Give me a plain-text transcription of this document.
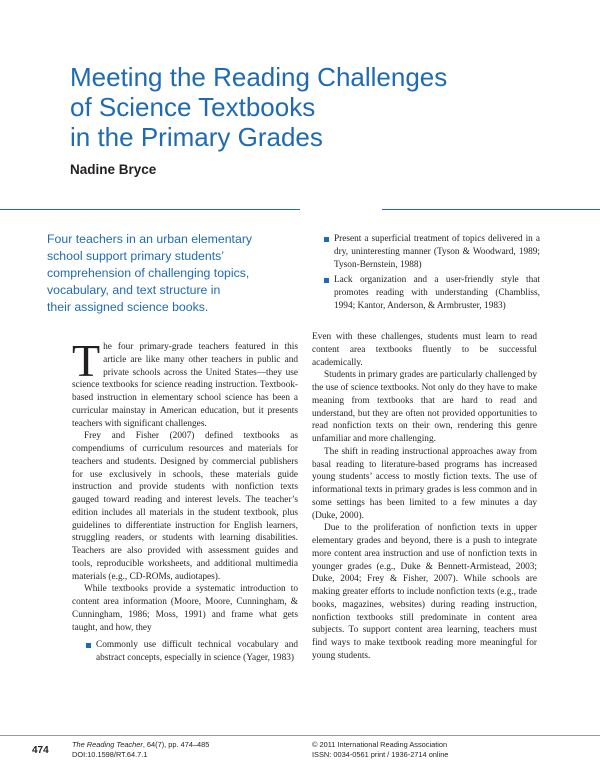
Meeting the Reading Challenges
of Science Textbooks
in the Primary Grades
Nadine Bryce
Four teachers in an urban elementary
school support primary students’
comprehension of challenging topics,
vocabulary, and text structure in
their assigned science books.
Present a superficial treatment of topics delivered in a dry, uninteresting manner (Tyson & Woodward, 1989; Tyson-Bernstein, 1988)
Lack organization and a user-friendly style that promotes reading with understanding (Chambliss, 1994; Kantor, Anderson, & Armbruster, 1983)

The four primary-grade teachers featured in this article are like many other teachers in public and private schools across the United States—they use science textbooks for science reading instruction. Textbook-based instruction in elementary school science has been a curricular mainstay in American education, but it presents teachers with significant challenges.

Frey and Fisher (2007) defined textbooks as compendiums of curriculum resources and materials for teachers and students. Designed by commercial publishers for use exclusively in schools, these materials guide instruction and provide students with nonfiction texts gauged toward reading and interest levels. The teacher’s edition includes all materials in the student textbook, plus guidelines to differentiate instruction for English learners, struggling readers, or students with learning disabilities. Teachers are also provided with assessment guides and tools, reproducible worksheets, and additional multimedia materials (e.g., CD-ROMs, audiotapes).

While textbooks provide a systematic introduction to content area information (Moore, Moore, Cunningham, & Cunningham, 1986; Moss, 1991) and frame what gets taught, and how, they

Commonly use difficult technical vocabulary and abstract concepts, especially in science (Yager, 1983)

Even with these challenges, students must learn to read content area textbooks fluently to be successful academically.

Students in primary grades are particularly challenged by the use of science textbooks. Not only do they have to make meaning from textbooks that are hard to read and understand, but they are often not provided opportunities to read nonfiction texts on their own, rendering this genre unfamiliar and more challenging.

The shift in reading instructional approaches away from basal reading to literature-based programs has increased young students’ access to mostly fiction texts. The use of informational texts in primary grades is less common and in some settings has been limited to a few minutes a day (Duke, 2000).

Due to the proliferation of nonfiction texts in upper elementary grades and beyond, there is a push to integrate more content area instruction and use of nonfiction texts in younger grades (e.g., Duke & Bennett-Armistead, 2003; Duke, 2004; Frey & Fisher, 2007). While schools are making greater efforts to include nonfiction texts (e.g., trade books, magazines, websites) during reading instruction, nonfiction textbooks still predominate in content area subjects. To support content area learning, teachers must find ways to make textbook reading more meaningful for young students.

474
The Reading Teacher, 64(7), pp. 474–485
DOI:10.1598/RT.64.7.1
© 2011 International Reading Association
ISSN: 0034-0561 print / 1936-2714 online
